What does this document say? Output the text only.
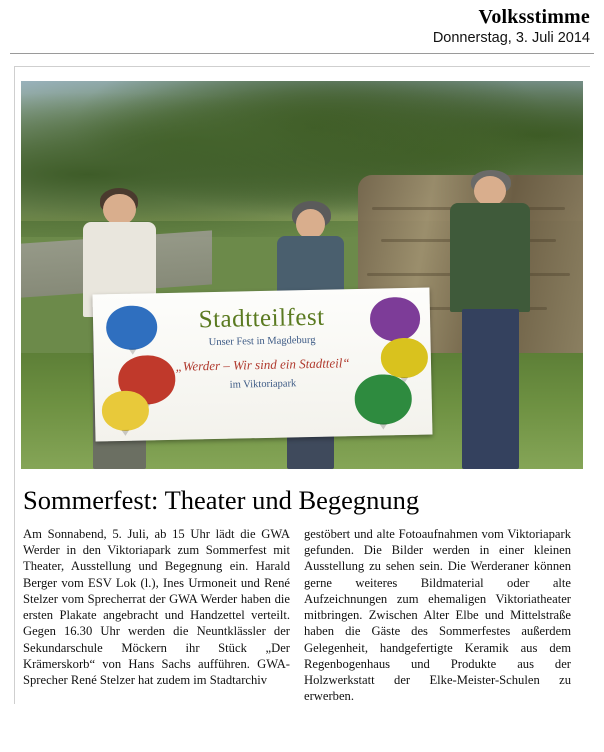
Volksstimme
Donnerstag, 3. Juli 2014
Stadtteilfest
Unser Fest in Magdeburg
„Werder – Wir sind ein Stadtteil“
im Viktoriapark
Sommerfest: Theater und Begegnung
Am Sonnabend, 5. Juli, ab 15 Uhr lädt die GWA Werder in den Viktoriapark zum Sommerfest mit Theater, Ausstellung und Begegnung ein. Harald Berger vom ESV Lok (l.), Ines Urmoneit und René Stelzer vom Sprecherrat der GWA Werder haben die ersten Plakate angebracht und Handzettel verteilt. Gegen 16.30 Uhr werden die Neuntklässler der Sekundarschule Möckern ihr Stück „Der Krämerskorb“ von Hans Sachs aufführen. GWA-Sprecher René Stelzer hat zudem im Stadtarchiv
gestöbert und alte Fotoaufnahmen vom Viktoriapark gefunden. Die Bilder werden in einer kleinen Ausstellung zu sehen sein. Die Werderaner können gerne weiteres Bildmaterial oder alte Aufzeichnungen zum ehemaligen Viktoriatheater mitbringen. Zwischen Alter Elbe und Mittelstraße haben die Gäste des Sommerfestes außerdem Gelegenheit, handgefertigte Keramik aus dem Regenbogenhaus und Produkte aus der Holzwerkstatt der Elke-Meister-Schulen zu erwerben.
